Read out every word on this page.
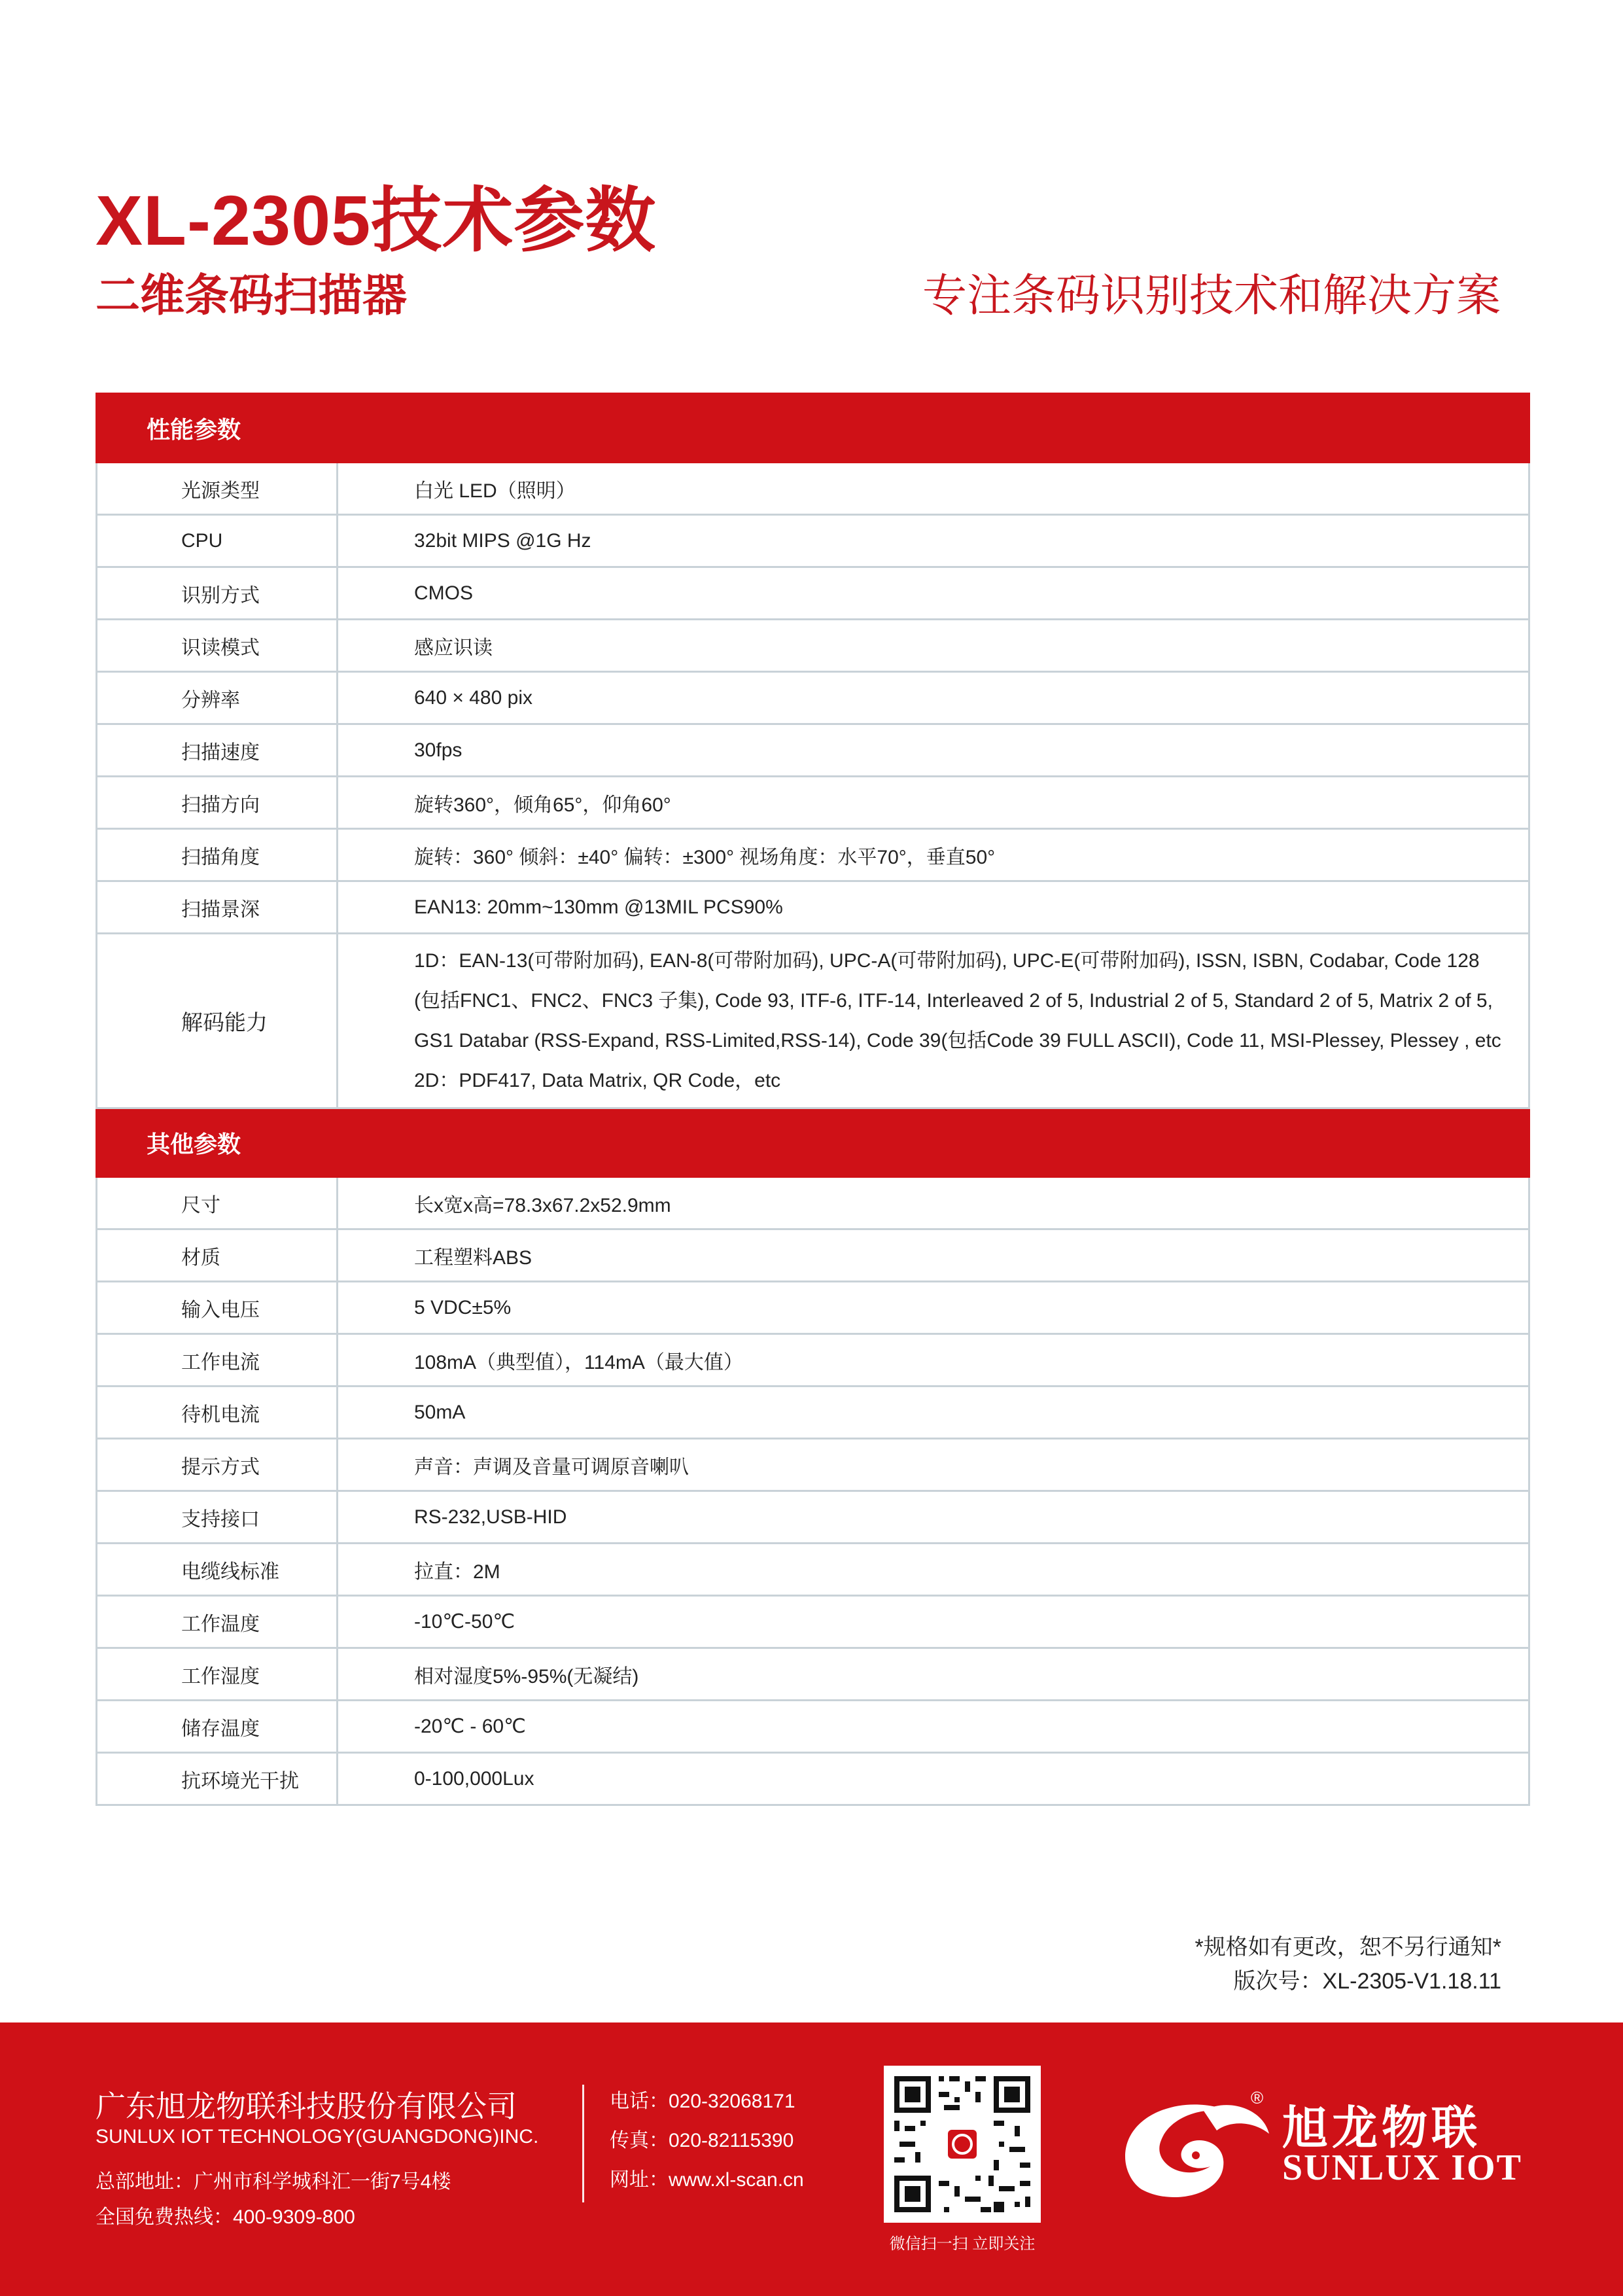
XL-2305技术参数
二维条码扫描器	专注条码识别技术和解决方案
性能参数	
光源类型	白光 LED（照明）
CPU	32bit MIPS @1G Hz
识别方式	CMOS
识读模式	感应识读
分辨率	640 × 480 pix
扫描速度	30fps
扫描方向	旋转360°，倾角65°，仰角60°
扫描角度	旋转：360° 倾斜：±40° 偏转：±300° 视场角度：水平70°，垂直50°
扫描景深	EAN13: 20mm~130mm @13MIL PCS90%
解码能力	1D：EAN-13(可带附加码), EAN-8(可带附加码), UPC-A(可带附加码), UPC-E(可带附加码), ISSN, ISBN, Codabar, Code 128
(包括FNC1、FNC2、FNC3 子集), Code 93, ITF-6, ITF-14, Interleaved 2 of 5, Industrial 2 of 5, Standard 2 of 5, Matrix 2 of 5,
GS1 Databar (RSS-Expand, RSS-Limited,RSS-14), Code 39(包括Code 39 FULL ASCII), Code 11, MSI-Plessey, Plessey , etc
2D：PDF417, Data Matrix, QR Code，etc

其他参数	
尺寸	长x宽x高=78.3x67.2x52.9mm
材质	工程塑料ABS
输入电压	5 VDC±5%
工作电流	108mA（典型值），114mA（最大值）
待机电流	50mA
提示方式	声音：声调及音量可调原音喇叭
支持接口	RS-232,USB-HID
电缆线标准	拉直：2M
工作温度	-10℃-50℃
工作湿度	相对湿度5%-95%(无凝结)
储存温度	-20℃ - 60℃
抗环境光干扰	0-100,000Lux
*规格如有更改，恕不另行通知*
版次号：XL-2305-V1.18.11
广东旭龙物联科技股份有限公司
SUNLUX IOT TECHNOLOGY(GUANGDONG)INC.
总部地址：广州市科学城科汇一街7号4楼
全国免费热线：400-9309-800
电话：020-32068171
传真：020-82115390
网址：www.xl-scan.cn
微信扫一扫 立即关注
®
旭龙物联
SUNLUX IOT
